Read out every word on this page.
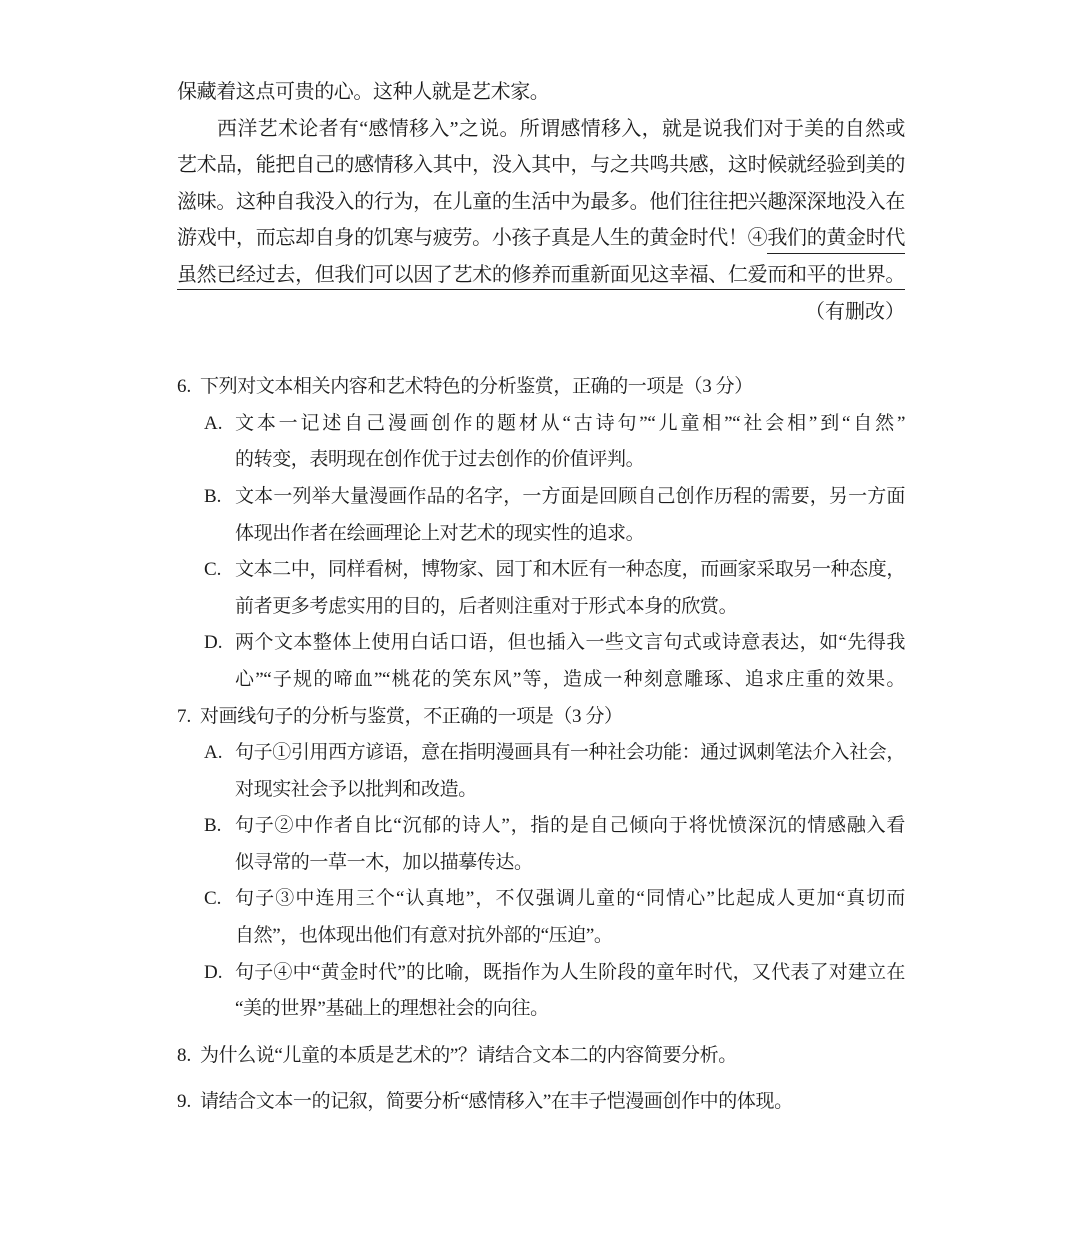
保藏着这点可贵的心。这种人就是艺术家。
西洋艺术论者有“感情移入”之说。所谓感情移入，就是说我们对于美的自然或
艺术品，能把自己的感情移入其中，没入其中，与之共鸣共感，这时候就经验到美的
滋味。这种自我没入的行为，在儿童的生活中为最多。他们往往把兴趣深深地没入在
游戏中，而忘却自身的饥寒与疲劳。小孩子真是人生的黄金时代！④我们的黄金时代
虽然已经过去，但我们可以因了艺术的修养而重新面见这幸福、仁爱而和平的世界。
（有删改）
6. 下列对文本相关内容和艺术特色的分析鉴赏，正确的一项是（3 分）
A. 文本一记述自己漫画创作的题材从“古诗句”“儿童相”“社会相”到“自然”
的转变，表明现在创作优于过去创作的价值评判。
B. 文本一列举大量漫画作品的名字，一方面是回顾自己创作历程的需要，另一方面
体现出作者在绘画理论上对艺术的现实性的追求。
C. 文本二中，同样看树，博物家、园丁和木匠有一种态度，而画家采取另一种态度，
前者更多考虑实用的目的，后者则注重对于形式本身的欣赏。
D. 两个文本整体上使用白话口语，但也插入一些文言句式或诗意表达，如“先得我
心”“子规的啼血”“桃花的笑东风”等，造成一种刻意雕琢、追求庄重的效果。
7. 对画线句子的分析与鉴赏，不正确的一项是（3 分）
A. 句子①引用西方谚语，意在指明漫画具有一种社会功能：通过讽刺笔法介入社会，
对现实社会予以批判和改造。
B. 句子②中作者自比“沉郁的诗人”，指的是自己倾向于将忧愤深沉的情感融入看
似寻常的一草一木，加以描摹传达。
C. 句子③中连用三个“认真地”，不仅强调儿童的“同情心”比起成人更加“真切而
自然”，也体现出他们有意对抗外部的“压迫”。
D. 句子④中“黄金时代”的比喻，既指作为人生阶段的童年时代，又代表了对建立在
“美的世界”基础上的理想社会的向往。
8. 为什么说“儿童的本质是艺术的”？请结合文本二的内容简要分析。
9. 请结合文本一的记叙，简要分析“感情移入”在丰子恺漫画创作中的体现。
